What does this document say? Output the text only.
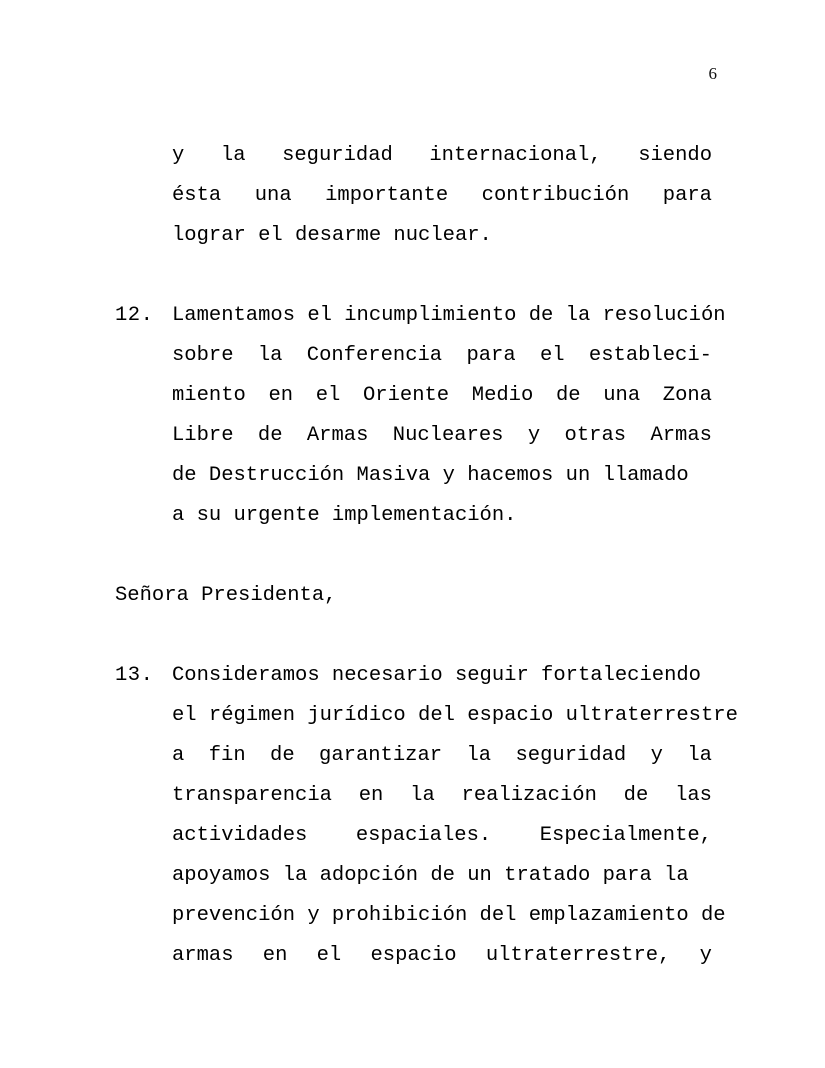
6
y la seguridad internacional, siendo
ésta una importante contribución para
lograr el desarme nuclear.
12. Lamentamos el incumplimiento de la resolución
sobre la Conferencia para el estableci-
miento en el Oriente Medio de una Zona
Libre de Armas Nucleares y otras Armas
de Destrucción Masiva y hacemos un llamado
a su urgente implementación.
Señora Presidenta,
13. Consideramos necesario seguir fortaleciendo
el régimen jurídico del espacio ultraterrestre
a fin de garantizar la seguridad y la
transparencia en la realización de las
actividades espaciales. Especialmente,
apoyamos la adopción de un tratado para la
prevención y prohibición del emplazamiento de
armas en el espacio ultraterrestre, y
